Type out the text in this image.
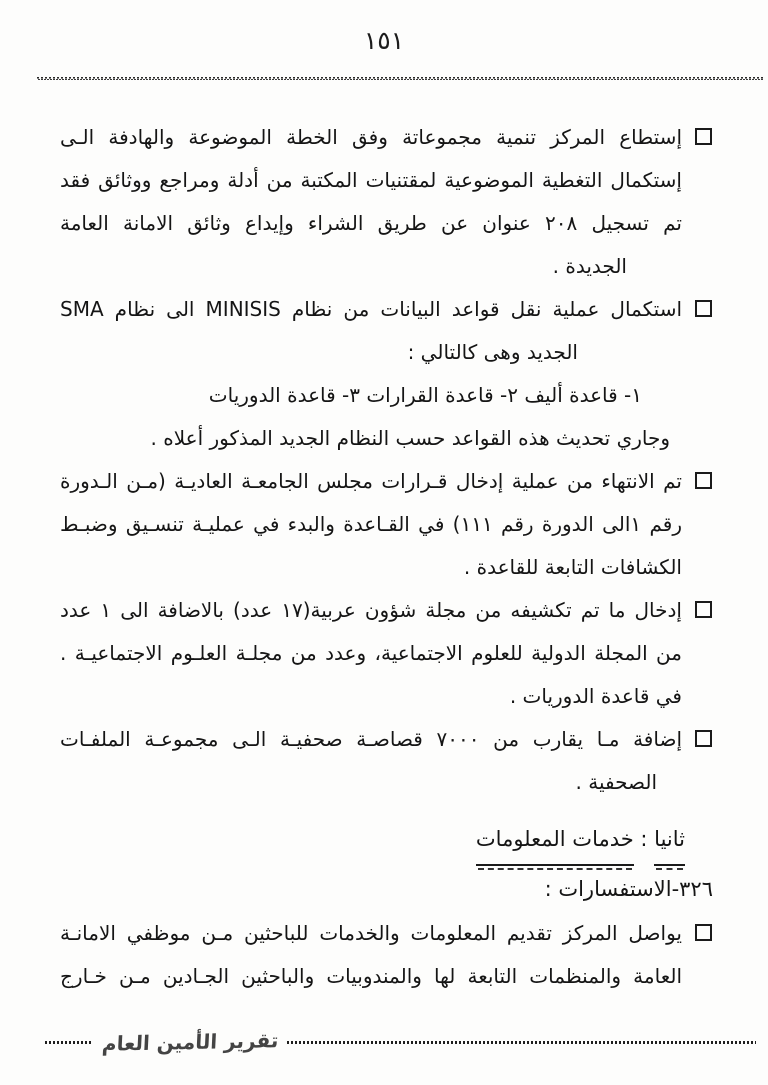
١٥١
إستطاع المركز تنمية مجموعاتة وفق الخطة الموضوعة والهادفة الـى
إستكمال التغطية الموضوعية لمقتنيات المكتبة من أدلة ومراجع ووثائق فقد
تم تسجيل ٢٠٨ عنوان عن طريق الشراء وإيداع وثائق الامانة العامة
الجديدة .
استكمال عملية نقل قواعد البيانات من نظام MINISIS الى نظام SMA
الجديد وهى كالتالي :
١- قاعدة أليف ٢- قاعدة القرارات ٣- قاعدة الدوريات
وجاري تحديث هذه القواعد حسب النظام الجديد المذكور أعلاه .
تم الانتهاء من عملية إدخال قـرارات مجلس الجامعـة العاديـة (مـن الـدورة
رقم ١الى الدورة رقم ١١١) في القـاعدة والبدء في عمليـة تنسـيق وضبـط
الكشافات التابعة للقاعدة .
إدخال ما تم تكشيفه من مجلة شؤون عربية(١٧ عدد) بالاضافة الى ١ عدد
من المجلة الدولية للعلوم الاجتماعية، وعدد من مجلـة العلـوم الاجتماعيـة .
في قاعدة الدوريات .
إضافة مـا يقارب من ٧٠٠٠ قصاصـة صحفيـة الـى مجموعـة الملفـات
الصحفية .
ثانيا : خدمات المعلومات
٣٢٦-الاستفسارات :
يواصل المركز تقديم المعلومات والخدمات للباحثين مـن موظفي الامانـة
العامة والمنظمات التابعة لها والمندوبيات والباحثين الجـادين مـن خـارج
تقرير الأمين العام
